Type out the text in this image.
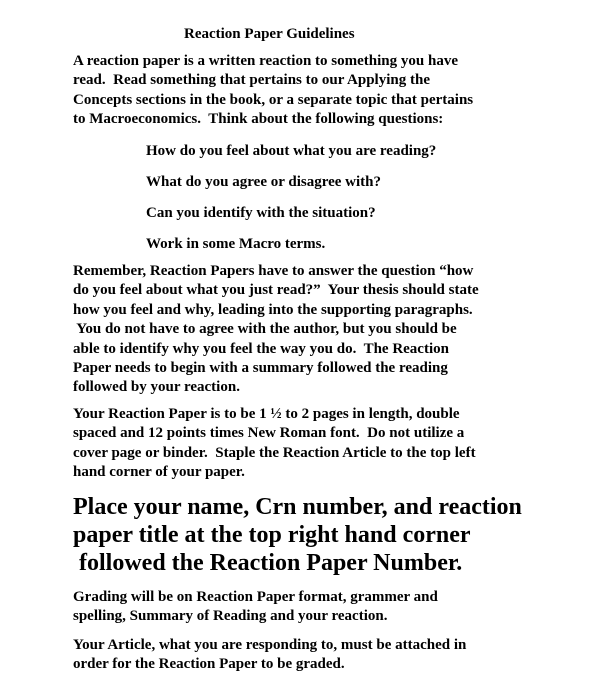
Reaction Paper Guidelines
A reaction paper is a written reaction to something you have
read.  Read something that pertains to our Applying the
Concepts sections in the book, or a separate topic that pertains
to Macroeconomics.  Think about the following questions:
How do you feel about what you are reading?
What do you agree or disagree with?
Can you identify with the situation?
Work in some Macro terms.
Remember, Reaction Papers have to answer the question “how
do you feel about what you just read?”  Your thesis should state
how you feel and why, leading into the supporting paragraphs.
You do not have to agree with the author, but you should be
able to identify why you feel the way you do.  The Reaction
Paper needs to begin with a summary followed the reading
followed by your reaction.
Your Reaction Paper is to be 1 ½ to 2 pages in length, double
spaced and 12 points times New Roman font.  Do not utilize a
cover page or binder.  Staple the Reaction Article to the top left
hand corner of your paper.
Place your name, Crn number, and reaction
paper title at the top right hand corner
followed the Reaction Paper Number.
Grading will be on Reaction Paper format, grammer and
spelling, Summary of Reading and your reaction.
Your Article, what you are responding to, must be attached in
order for the Reaction Paper to be graded.
